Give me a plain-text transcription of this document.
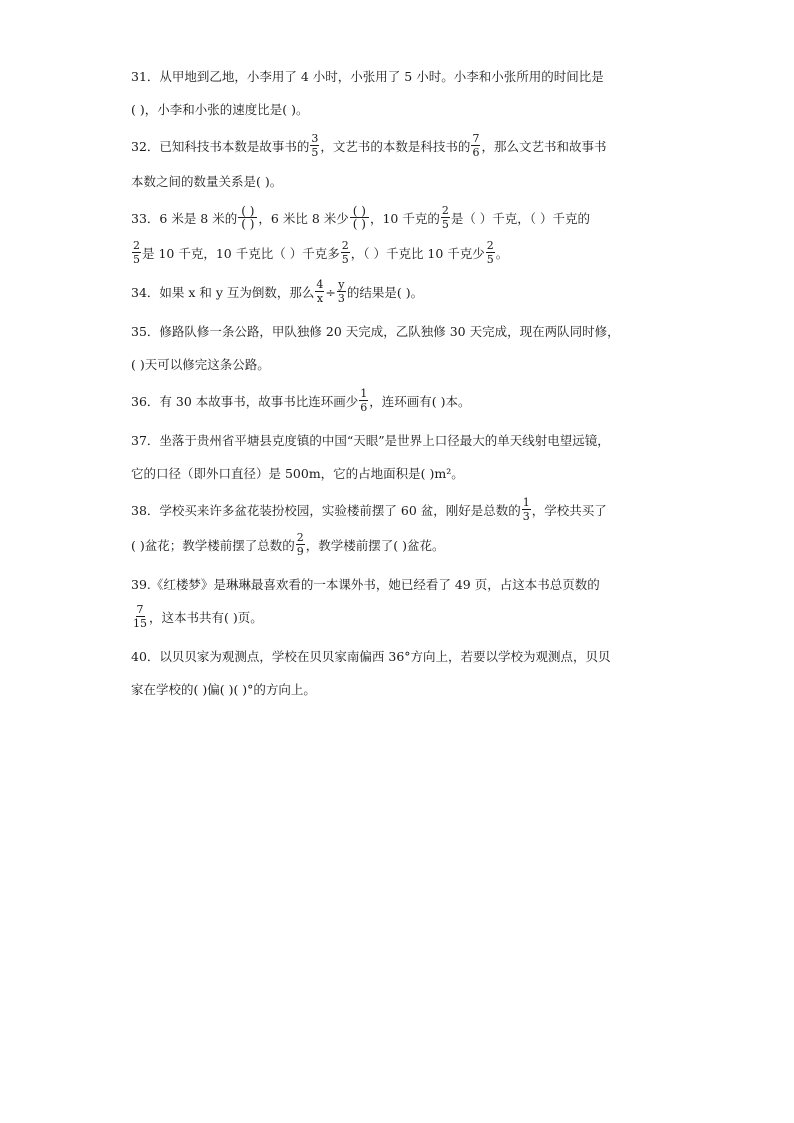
31．从甲地到乙地，小李用了 4 小时，小张用了 5 小时。小李和小张所用的时间比是
( )，小李和小张的速度比是( )。
32．已知科技书本数是故事书的 $\frac{3}{5}$ ，文艺书的本数是科技书的 $\frac{7}{6}$ ，那么文艺书和故事书
本数之间的数量关系是( )。
33．6 米是 8 米的 $\frac{( )}{( )}$ ，6 米比 8 米少 $\frac{( )}{( )}$ ，10 千克的 $\frac{2}{5}$ 是（ ）千克，（ ）千克的
$\frac{2}{5}$ 是 10 千克，10 千克比（ ）千克多 $\frac{2}{5}$ ，（ ）千克比 10 千克少 $\frac{2}{5}$ 。
34．如果 x 和 y 互为倒数，那么 $\frac{4}{x} \div \frac{y}{3}$ 的结果是( )。
35．修路队修一条公路，甲队独修 20 天完成，乙队独修 30 天完成，现在两队同时修，
( )天可以修完这条公路。
36．有 30 本故事书，故事书比连环画少 $\frac{1}{6}$ ，连环画有( )本。
37．坐落于贵州省平塘县克度镇的中国“天眼”是世界上口径最大的单天线射电望远镜，
它的口径（即外口直径）是 500m，它的占地面积是( )m²。
38．学校买来许多盆花装扮校园，实验楼前摆了 60 盆，刚好是总数的 $\frac{1}{3}$ ，学校共买了
( )盆花；教学楼前摆了总数的 $\frac{2}{9}$ ，教学楼前摆了( )盆花。
39.《红楼梦》是琳琳最喜欢看的一本课外书，她已经看了 49 页，占这本书总页数的
$\frac{7}{15}$ ，这本书共有( )页。
40．以贝贝家为观测点，学校在贝贝家南偏西 36°方向上，若要以学校为观测点，贝贝
家在学校的( )偏( )( )°的方向上。
